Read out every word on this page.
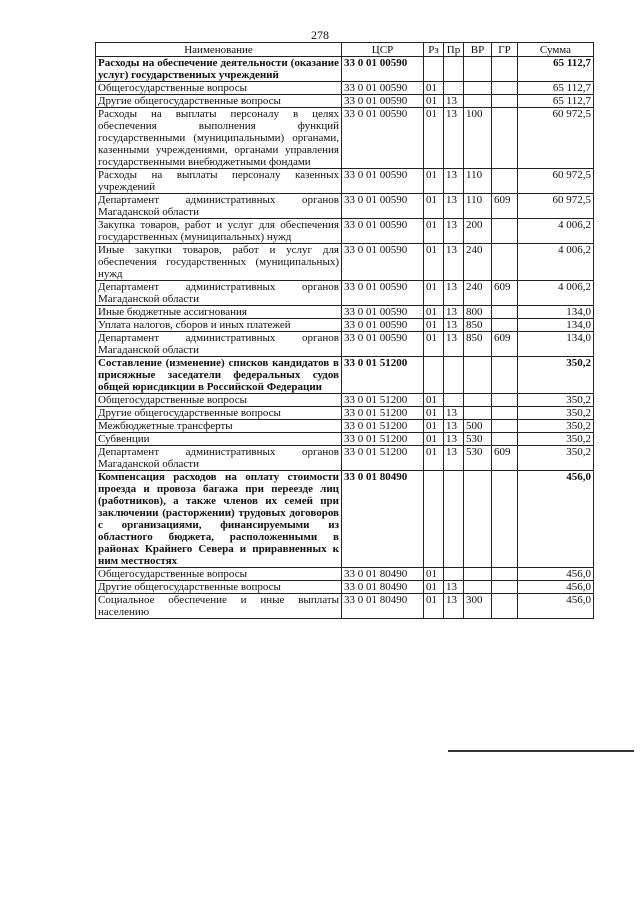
278
Наименование	ЦСР	Рз	Пр	ВР	ГР	Сумма
Расходы на обеспечение деятельности (оказание услуг) государственных учреждений	33 0 01 00590					65 112,7
Общегосударственные вопросы	33 0 01 00590	01				65 112,7
Другие общегосударственные вопросы	33 0 01 00590	01	13			65 112,7
Расходы на выплаты персоналу в целях обеспечения выполнения функций государственными (муниципальными) органами, казенными учреждениями, органами управления государственными внебюджетными фондами	33 0 01 00590	01	13	100		60 972,5
Расходы на выплаты персоналу казенных учреждений	33 0 01 00590	01	13	110		60 972,5
Департамент административных органов Магаданской области	33 0 01 00590	01	13	110	609	60 972,5
Закупка товаров, работ и услуг для обеспечения государственных (муниципальных) нужд	33 0 01 00590	01	13	200		4 006,2
Иные закупки товаров, работ и услуг для обеспечения государственных (муниципальных) нужд	33 0 01 00590	01	13	240		4 006,2
Департамент административных органов Магаданской области	33 0 01 00590	01	13	240	609	4 006,2
Иные бюджетные ассигнования	33 0 01 00590	01	13	800		134,0
Уплата налогов, сборов и иных платежей	33 0 01 00590	01	13	850		134,0
Департамент административных органов Магаданской области	33 0 01 00590	01	13	850	609	134,0
Составление (изменение) списков кандидатов в присяжные заседатели федеральных судов общей юрисдикции в Российской Федерации	33 0 01 51200					350,2
Общегосударственные вопросы	33 0 01 51200	01				350,2
Другие общегосударственные вопросы	33 0 01 51200	01	13			350,2
Межбюджетные трансферты	33 0 01 51200	01	13	500		350,2
Субвенции	33 0 01 51200	01	13	530		350,2
Департамент административных органов Магаданской области	33 0 01 51200	01	13	530	609	350,2
Компенсация расходов на оплату стоимости проезда и провоза багажа при переезде лиц (работников), а также членов их семей при заключении (расторжении) трудовых договоров с организациями, финансируемыми из областного бюджета, расположенными в районах Крайнего Севера и приравненных к ним местностях	33 0 01 80490					456,0
Общегосударственные вопросы	33 0 01 80490	01				456,0
Другие общегосударственные вопросы	33 0 01 80490	01	13			456,0
Социальное обеспечение и иные выплаты населению	33 0 01 80490	01	13	300		456,0
